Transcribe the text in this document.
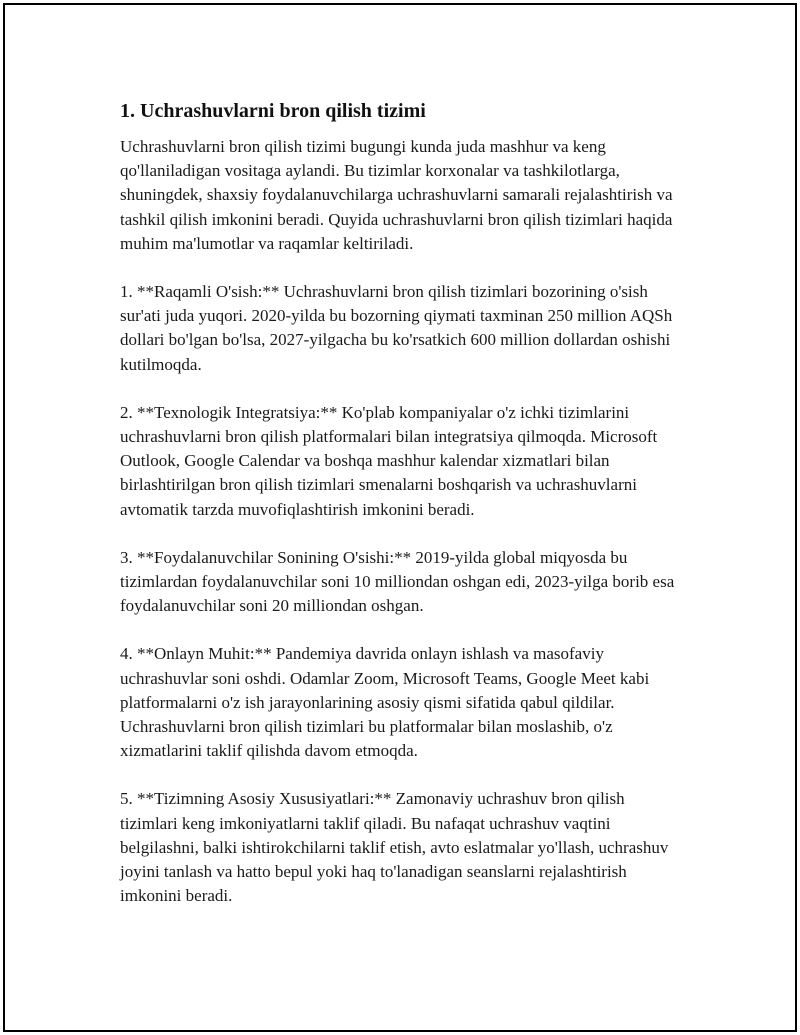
1. Uchrashuvlarni bron qilish tizimi

Uchrashuvlarni bron qilish tizimi bugungi kunda juda mashhur va keng qo'llaniladigan vositaga aylandi. Bu tizimlar korxonalar va tashkilotlarga, shuningdek, shaxsiy foydalanuvchilarga uchrashuvlarni samarali rejalashtirish va tashkil qilish imkonini beradi. Quyida uchrashuvlarni bron qilish tizimlari haqida muhim ma'lumotlar va raqamlar keltiriladi.

1. **Raqamli O'sish:** Uchrashuvlarni bron qilish tizimlari bozorining o'sish sur'ati juda yuqori. 2020-yilda bu bozorning qiymati taxminan 250 million AQSh dollari bo'lgan bo'lsa, 2027-yilgacha bu ko'rsatkich 600 million dollardan oshishi kutilmoqda.

2. **Texnologik Integratsiya:** Ko'plab kompaniyalar o'z ichki tizimlarini uchrashuvlarni bron qilish platformalari bilan integratsiya qilmoqda. Microsoft Outlook, Google Calendar va boshqa mashhur kalendar xizmatlari bilan birlashtirilgan bron qilish tizimlari smenalarni boshqarish va uchrashuvlarni avtomatik tarzda muvofiqlashtirish imkonini beradi.

3. **Foydalanuvchilar Sonining O'sishi:** 2019-yilda global miqyosda bu tizimlardan foydalanuvchilar soni 10 milliondan oshgan edi, 2023-yilga borib esa foydalanuvchilar soni 20 milliondan oshgan.

4. **Onlayn Muhit:** Pandemiya davrida onlayn ishlash va masofaviy uchrashuvlar soni oshdi. Odamlar Zoom, Microsoft Teams, Google Meet kabi platformalarni o'z ish jarayonlarining asosiy qismi sifatida qabul qildilar. Uchrashuvlarni bron qilish tizimlari bu platformalar bilan moslashib, o'z xizmatlarini taklif qilishda davom etmoqda.

5. **Tizimning Asosiy Xususiyatlari:** Zamonaviy uchrashuv bron qilish tizimlari keng imkoniyatlarni taklif qiladi. Bu nafaqat uchrashuv vaqtini belgilashni, balki ishtirokchilarni taklif etish, avto eslatmalar yo'llash, uchrashuv joyini tanlash va hatto bepul yoki haq to'lanadigan seanslarni rejalashtirish imkonini beradi.
